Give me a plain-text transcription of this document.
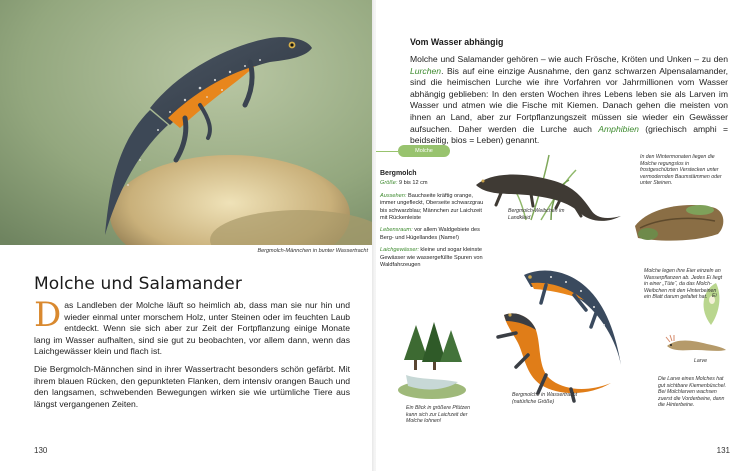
Bergmolch-Männchen in bunter Wassertracht
Molche und Salamander

Das Landleben der Molche läuft so heimlich ab, dass man sie nur hin und wieder einmal unter morschem Holz, unter Steinen oder im feuchten Laub entdeckt. Wenn sie sich aber zur Zeit der Fortpflanzung einige Monate lang im Wasser aufhalten, sind sie gut zu beobachten, vor allem dann, wenn das Laichgewässer klein und flach ist.

Die Bergmolch-Männchen sind in ihrer Wassertracht besonders schön gefärbt. Mit ihrem blauen Rücken, den gepunkteten Flanken, dem intensiv orangen Bauch und den langsamen, schwebenden Bewegungen wirken sie wie urtümliche Tiere aus längst vergangenen Zeiten.

130
Vom Wasser abhängig
Molche und Salamander gehören – wie auch Frösche, Kröten und Unken – zu den Lurchen. Bis auf eine einzige Ausnahme, den ganz schwarzen Alpensalamander, sind die heimischen Lurche wie ihre Vorfahren vor Jahrmillionen vom Wasser abhängig geblieben: In den ersten Wochen ihres Lebens leben sie als Larven im Wasser und atmen wie die Fische mit Kiemen. Danach gehen die meisten von ihnen an Land, aber zur Fortpflanzungszeit müssen sie wieder ein Gewässer aufsuchen. Daher werden die Lurche auch Amphibien (griechisch amphi = beidseitig, bios = Leben) genannt.
Molche
Bergmolch
Größe: 9 bis 12 cm
Aussehen: Bauchseite kräftig orange, immer ungefleckt, Oberseite schwarzgrau bis schwarzblau; Männchen zur Laichzeit mit Rückenleiste
Lebensraum: vor allem Waldgebiete des Berg- und Hügellandes (Name!)
Laichgewässer: kleine und sogar kleinste Gewässer wie wassergefüllte Spuren von Waldfahrzeugen
Bergmolch-Weibchen im Landkleid
In den Wintermonaten liegen die Molche regungslos in frostgeschützten Verstecken unter vermodernden Baumstämmen oder unter Steinen.
Bergmolche in Wassertracht (natürliche Größe)
Ein Blick in größere Pfützen kann sich zur Laichzeit der Molche lohnen!
Ei
Molche legen ihre Eier einzeln an Wasserpflanzen ab. Jedes Ei liegt in einer „Tüte“, da das Molch-Weibchen mit den Hinterbeinen ein Blatt darum gefaltet hat.
Larve
Die Larve eines Molches hat gut sichtbare Kiemenbüschel. Bei Molchlarven wachsen zuerst die Vorderbeine, dann die Hinterbeine.
131
